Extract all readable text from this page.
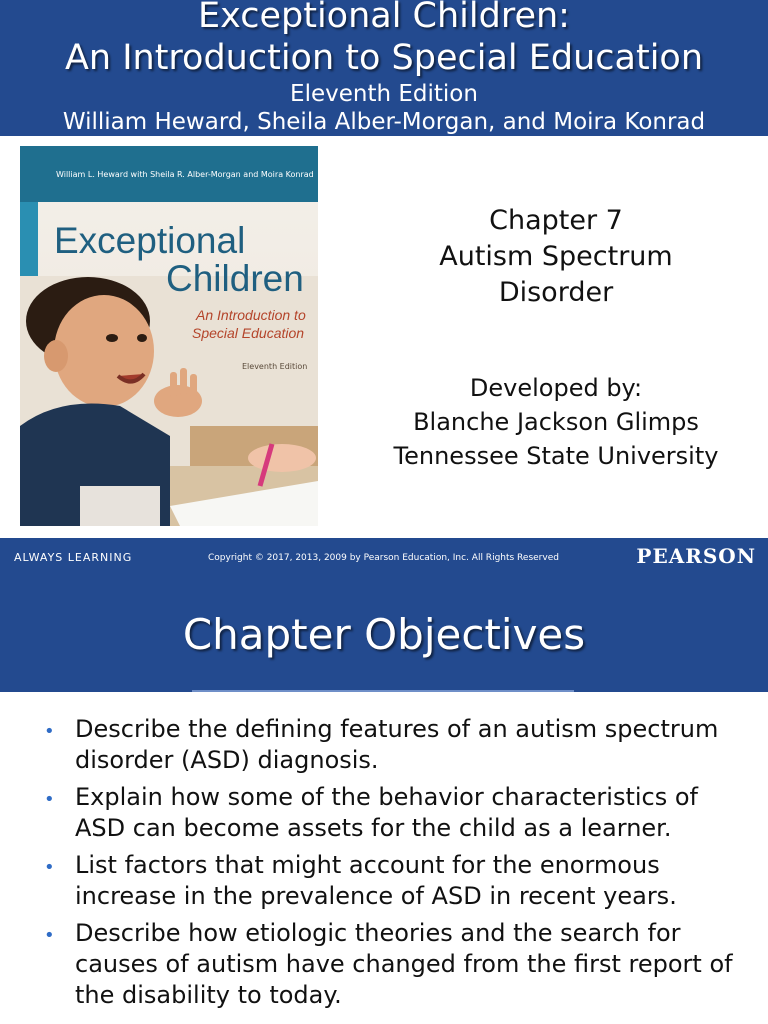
Exceptional Children:
An Introduction to Special Education
Eleventh Edition
William Heward, Sheila Alber-Morgan, and Moira Konrad
William L. Heward with Sheila R. Alber-Morgan and Moira Konrad
Exceptional
Children
An Introduction to
Special Education
Eleventh Edition
Chapter 7
Autism Spectrum
Disorder
Developed by:
Blanche Jackson Glimps
Tennessee State University
ALWAYS LEARNING	Copyright © 2017, 2013, 2009 by Pearson Education, Inc. All Rights Reserved	PEARSON
Chapter Objectives
• Describe the defining features of an autism spectrum disorder (ASD) diagnosis.
• Explain how some of the behavior characteristics of ASD can become assets for the child as a learner.
• List factors that might account for the enormous increase in the prevalence of ASD in recent years.
• Describe how etiologic theories and the search for causes of autism have changed from the first report of the disability to today.
